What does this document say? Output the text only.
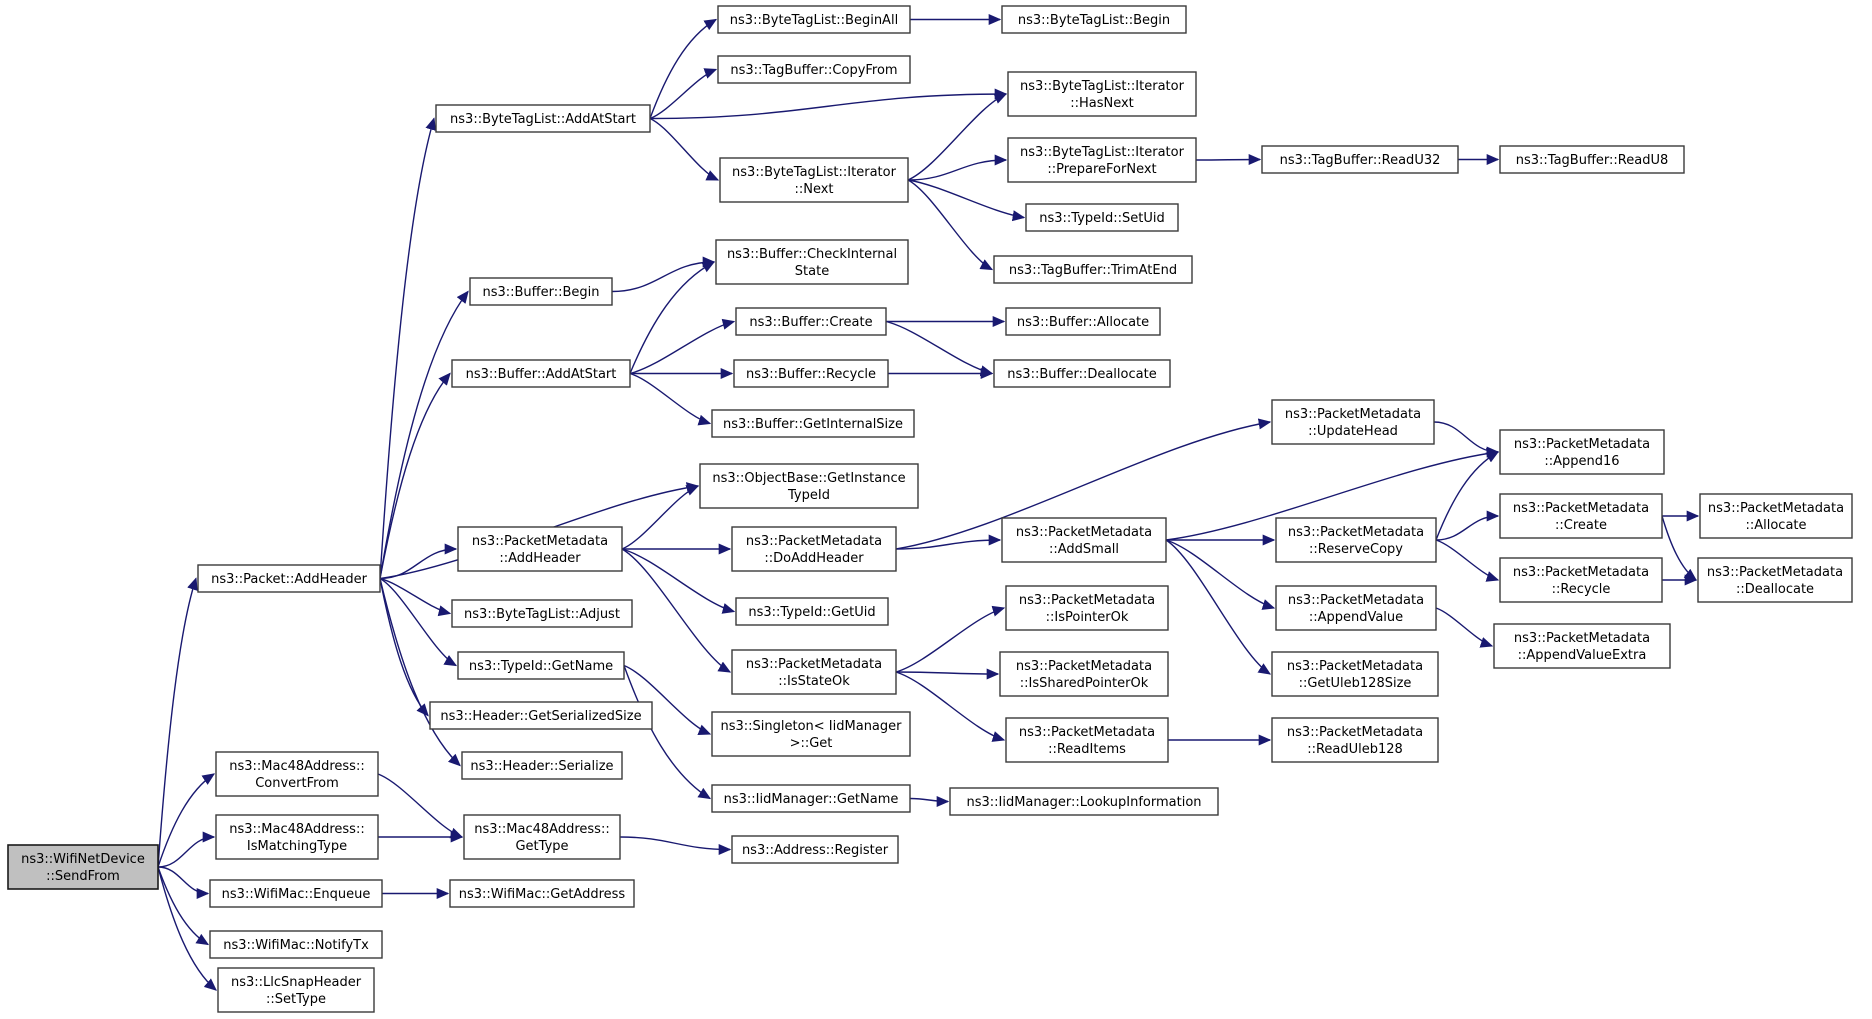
ns3::WifiNetDevice ::SendFrom
ns3::Packet::AddHeader
ns3::Mac48Address:: ConvertFrom
ns3::Mac48Address:: IsMatchingType
ns3::WifiMac::Enqueue
ns3::WifiMac::NotifyTx
ns3::LlcSnapHeader ::SetType
ns3::ByteTagList::AddAtStart
ns3::Buffer::Begin
ns3::Buffer::AddAtStart
ns3::PacketMetadata ::AddHeader
ns3::ByteTagList::Adjust
ns3::TypeId::GetName
ns3::Header::GetSerializedSize
ns3::Header::Serialize
ns3::Mac48Address:: GetType
ns3::WifiMac::GetAddress
ns3::ByteTagList::BeginAll
ns3::TagBuffer::CopyFrom
ns3::ByteTagList::Iterator ::Next
ns3::Buffer::CheckInternal State
ns3::Buffer::Create
ns3::Buffer::Recycle
ns3::Buffer::GetInternalSize
ns3::ObjectBase::GetInstance TypeId
ns3::PacketMetadata ::DoAddHeader
ns3::TypeId::GetUid
ns3::PacketMetadata ::IsStateOk
ns3::Singleton< IidManager >::Get
ns3::IidManager::GetName
ns3::Address::Register
ns3::ByteTagList::Begin
ns3::ByteTagList::Iterator ::HasNext
ns3::ByteTagList::Iterator ::PrepareForNext
ns3::TypeId::SetUid
ns3::TagBuffer::TrimAtEnd
ns3::Buffer::Allocate
ns3::Buffer::Deallocate
ns3::PacketMetadata ::AddSmall
ns3::PacketMetadata ::IsPointerOk
ns3::PacketMetadata ::IsSharedPointerOk
ns3::PacketMetadata ::ReadItems
ns3::IidManager::LookupInformation
ns3::TagBuffer::ReadU32
ns3::PacketMetadata ::UpdateHead
ns3::PacketMetadata ::ReserveCopy
ns3::PacketMetadata ::AppendValue
ns3::PacketMetadata ::GetUleb128Size
ns3::PacketMetadata ::ReadUleb128
ns3::TagBuffer::ReadU8
ns3::PacketMetadata ::Append16
ns3::PacketMetadata ::Create
ns3::PacketMetadata ::Recycle
ns3::PacketMetadata ::AppendValueExtra
ns3::PacketMetadata ::Allocate
ns3::PacketMetadata ::Deallocate
